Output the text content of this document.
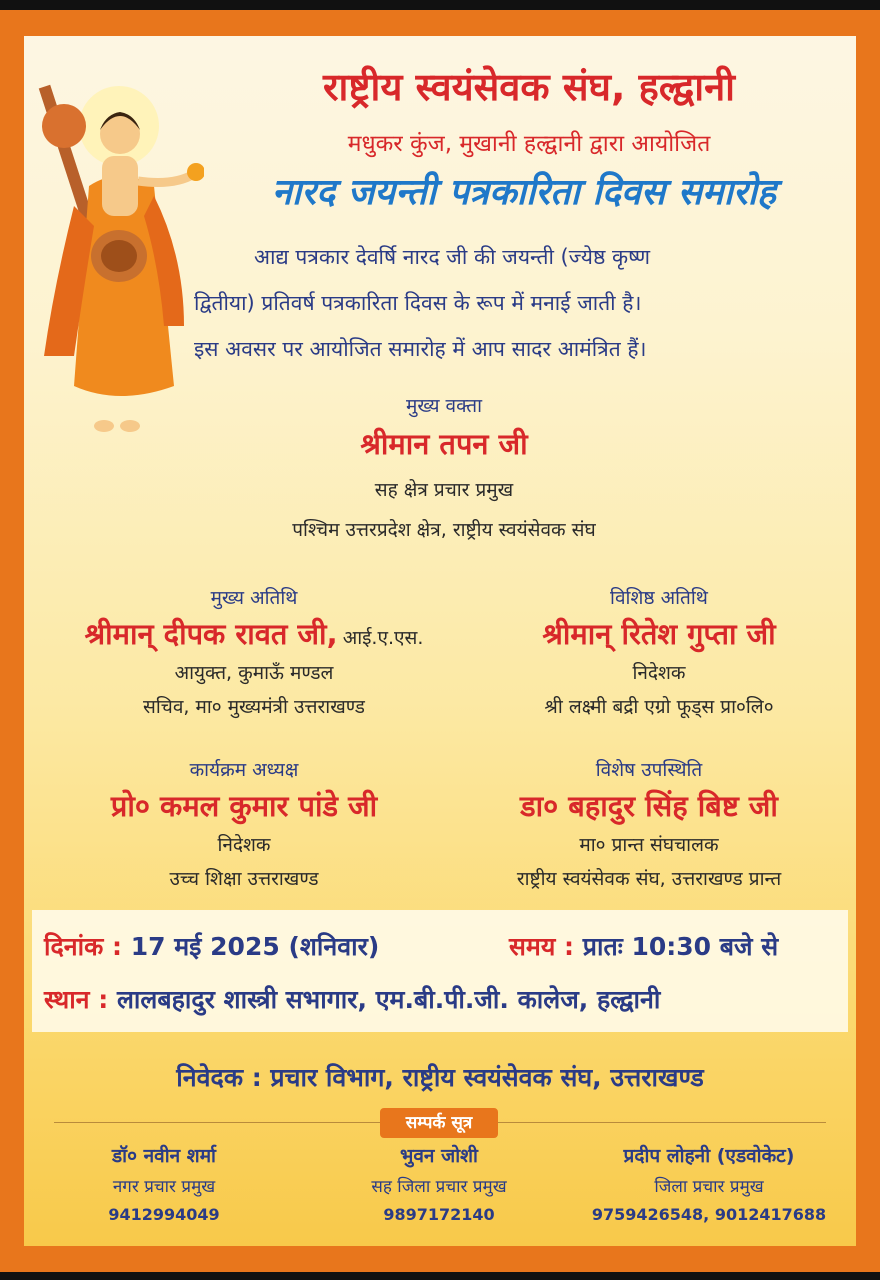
राष्ट्रीय स्वयंसेवक संघ, हल्द्वानी
मधुकर कुंज, मुखानी हल्द्वानी द्वारा आयोजित
नारद जयन्ती पत्रकारिता दिवस समारोह
आद्य पत्रकार देवर्षि नारद जी की जयन्ती (ज्येष्ठ कृष्ण
द्वितीया) प्रतिवर्ष पत्रकारिता दिवस के रूप में मनाई जाती है।
इस अवसर पर आयोजित समारोह में आप सादर आमंत्रित हैं।
मुख्य वक्ता
श्रीमान तपन जी
सह क्षेत्र प्रचार प्रमुख
पश्चिम उत्तरप्रदेश क्षेत्र, राष्ट्रीय स्वयंसेवक संघ
मुख्य अतिथि
श्रीमान् दीपक रावत जी, आई.ए.एस.
आयुक्त, कुमाऊँ मण्डल
सचिव, मा० मुख्यमंत्री उत्तराखण्ड
विशिष्ठ अतिथि
श्रीमान् रितेश गुप्ता जी
निदेशक
श्री लक्ष्मी बद्री एग्रो फूड्स प्रा०लि०
कार्यक्रम अध्यक्ष
प्रो० कमल कुमार पांडे जी
निदेशक
उच्च शिक्षा उत्तराखण्ड
विशेष उपस्थिति
डा० बहादुर सिंह बिष्ट जी
मा० प्रान्त संघचालक
राष्ट्रीय स्वयंसेवक संघ, उत्तराखण्ड प्रान्त
दिनांक : 17 मई 2025 (शनिवार)	समय : प्रातः 10:30 बजे से
स्थान : लालबहादुर शास्त्री सभागार, एम.बी.पी.जी. कालेज, हल्द्वानी
निवेदक : प्रचार विभाग, राष्ट्रीय स्वयंसेवक संघ, उत्तराखण्ड
सम्पर्क सूत्र
डॉ० नवीन शर्मा
नगर प्रचार प्रमुख
9412994049
भुवन जोशी
सह जिला प्रचार प्रमुख
9897172140
प्रदीप लोहनी (एडवोकेट)
जिला प्रचार प्रमुख
9759426548, 9012417688
